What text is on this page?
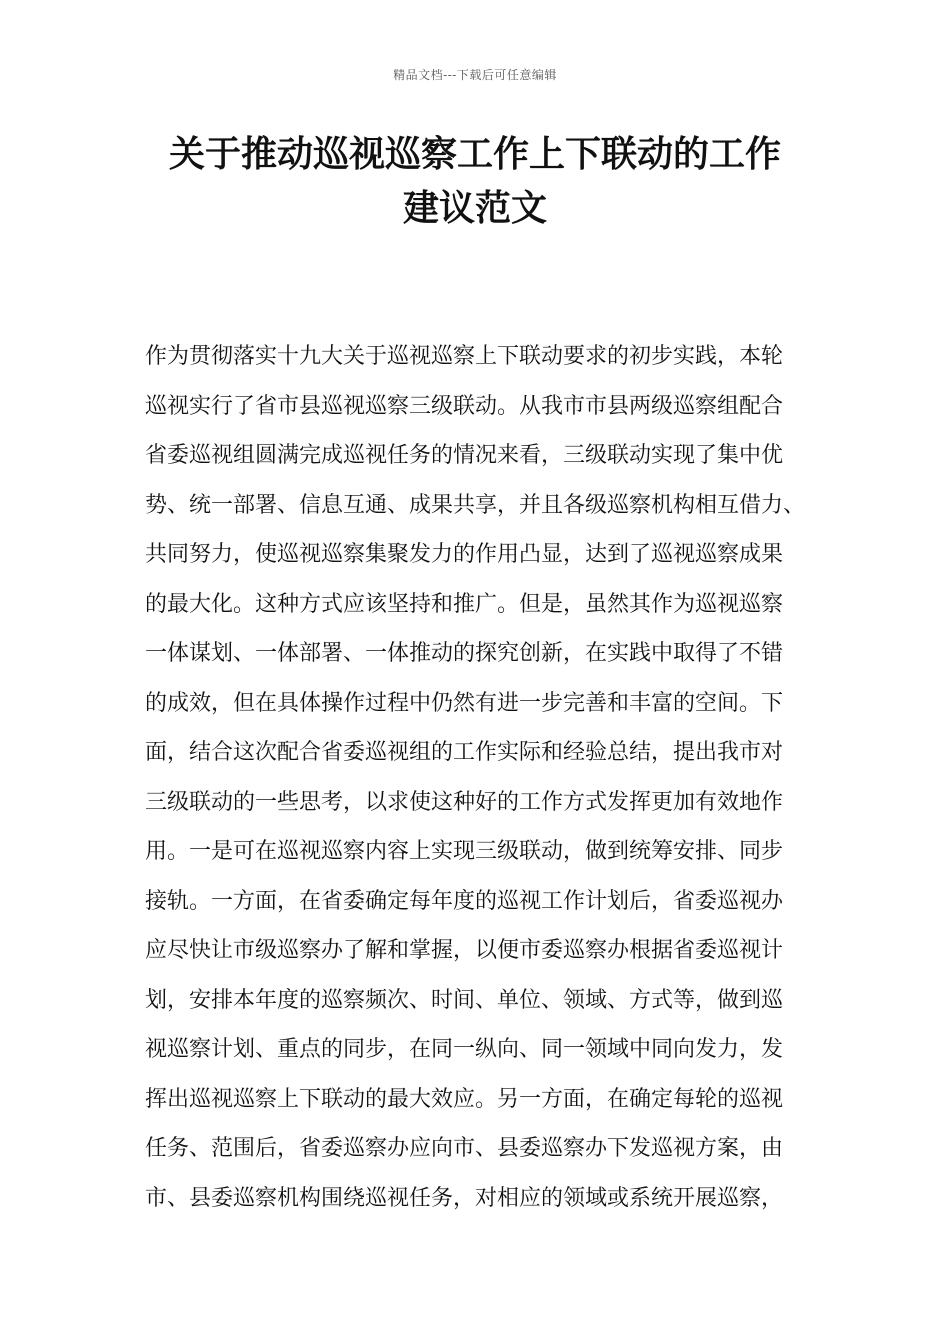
精品文档---下载后可任意编辑
关于推动巡视巡察工作上下联动的工作
建议范文
作为贯彻落实十九大关于巡视巡察上下联动要求的初步实践，本轮
巡视实行了省市县巡视巡察三级联动。从我市市县两级巡察组配合
省委巡视组圆满完成巡视任务的情况来看，三级联动实现了集中优
势、统一部署、信息互通、成果共享，并且各级巡察机构相互借力、
共同努力，使巡视巡察集聚发力的作用凸显，达到了巡视巡察成果
的最大化。这种方式应该坚持和推广。但是，虽然其作为巡视巡察
一体谋划、一体部署、一体推动的探究创新，在实践中取得了不错
的成效，但在具体操作过程中仍然有进一步完善和丰富的空间。下
面，结合这次配合省委巡视组的工作实际和经验总结，提出我市对
三级联动的一些思考，以求使这种好的工作方式发挥更加有效地作
用。一是可在巡视巡察内容上实现三级联动，做到统筹安排、同步
接轨。一方面，在省委确定每年度的巡视工作计划后，省委巡视办
应尽快让市级巡察办了解和掌握，以便市委巡察办根据省委巡视计
划，安排本年度的巡察频次、时间、单位、领域、方式等，做到巡
视巡察计划、重点的同步，在同一纵向、同一领域中同向发力，发
挥出巡视巡察上下联动的最大效应。另一方面，在确定每轮的巡视
任务、范围后，省委巡察办应向市、县委巡察办下发巡视方案，由
市、县委巡察机构围绕巡视任务，对相应的领域或系统开展巡察，
